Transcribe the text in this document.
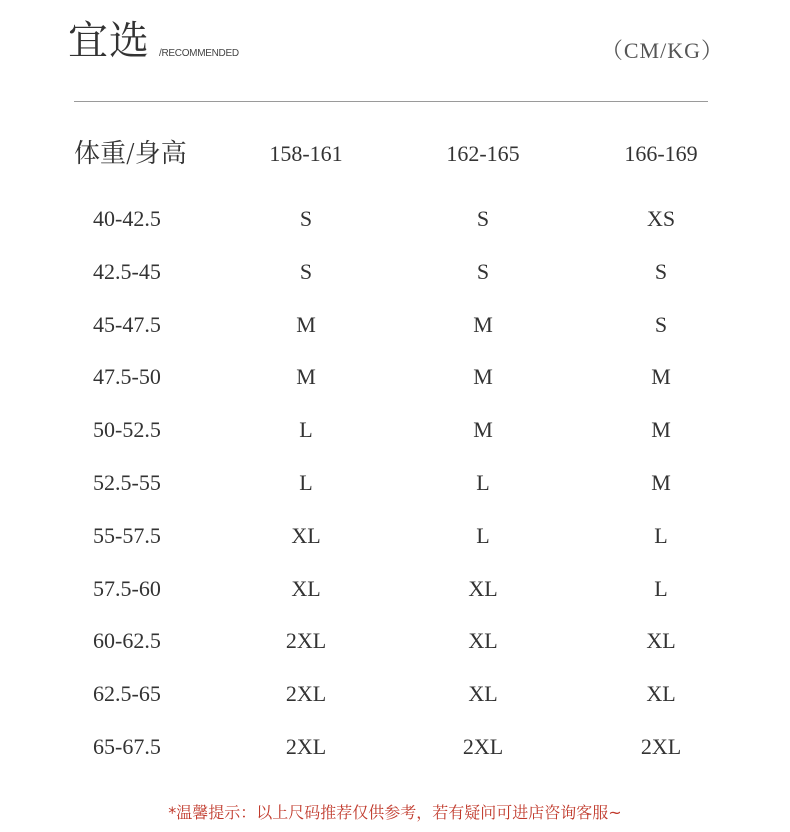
宜选 /RECOMMENDED	（CM/KG）
体重/身高	158-161	162-165	166-169
40-42.5	S	S	XS
42.5-45	S	S	S
45-47.5	M	M	S
47.5-50	M	M	M
50-52.5	L	M	M
52.5-55	L	L	M
55-57.5	XL	L	L
57.5-60	XL	XL	L
60-62.5	2XL	XL	XL
62.5-65	2XL	XL	XL
65-67.5	2XL	2XL	2XL
*温馨提示：以上尺码推荐仅供参考，若有疑问可进店咨询客服~
